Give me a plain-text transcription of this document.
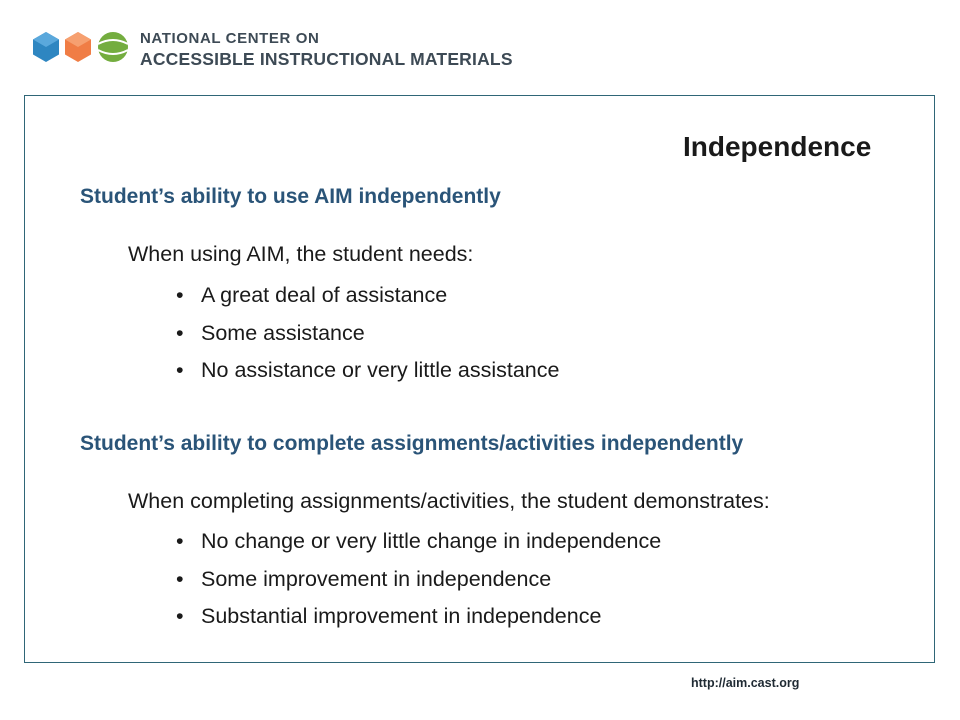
NATIONAL CENTER ON
ACCESSIBLE INSTRUCTIONAL MATERIALS
Independence
Student’s ability to use AIM independently
When using AIM, the student needs:
• A great deal of assistance
• Some assistance
• No assistance or very little assistance
Student’s ability to complete assignments/activities independently
When completing assignments/activities, the student demonstrates:
• No change or very little change in independence
• Some improvement in independence
• Substantial improvement in independence
http://aim.cast.org
